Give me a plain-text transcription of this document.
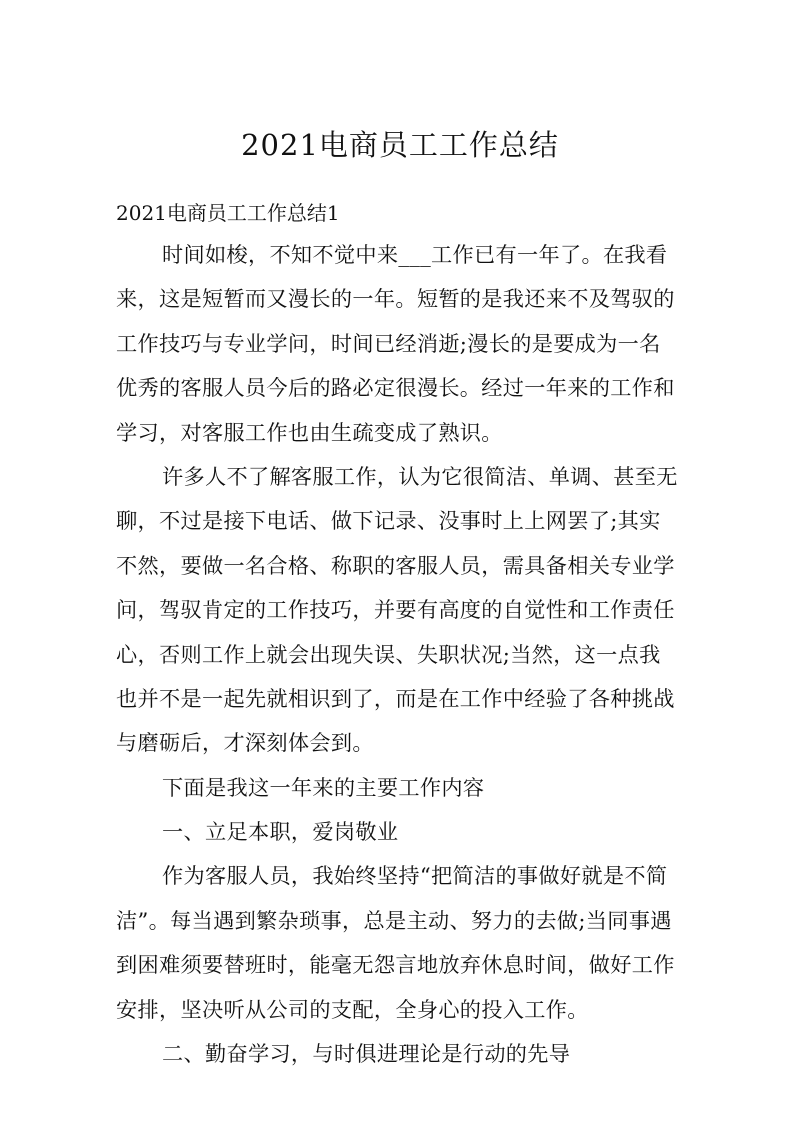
2021电商员工工作总结

2021电商员工工作总结1

时间如梭，不知不觉中来___工作已有一年了。在我看
来，这是短暂而又漫长的一年。短暂的是我还来不及驾驭的
工作技巧与专业学问，时间已经消逝;漫长的是要成为一名
优秀的客服人员今后的路必定很漫长。经过一年来的工作和
学习，对客服工作也由生疏变成了熟识。
许多人不了解客服工作，认为它很简洁、单调、甚至无
聊，不过是接下电话、做下记录、没事时上上网罢了;其实
不然，要做一名合格、称职的客服人员，需具备相关专业学
问，驾驭肯定的工作技巧，并要有高度的自觉性和工作责任
心，否则工作上就会出现失误、失职状况;当然，这一点我
也并不是一起先就相识到了，而是在工作中经验了各种挑战
与磨砺后，才深刻体会到。
下面是我这一年来的主要工作内容
一、立足本职，爱岗敬业
作为客服人员，我始终坚持“把简洁的事做好就是不简
洁”。每当遇到繁杂琐事，总是主动、努力的去做;当同事遇
到困难须要替班时，能毫无怨言地放弃休息时间，做好工作
安排，坚决听从公司的支配，全身心的投入工作。
二、勤奋学习，与时俱进理论是行动的先导
